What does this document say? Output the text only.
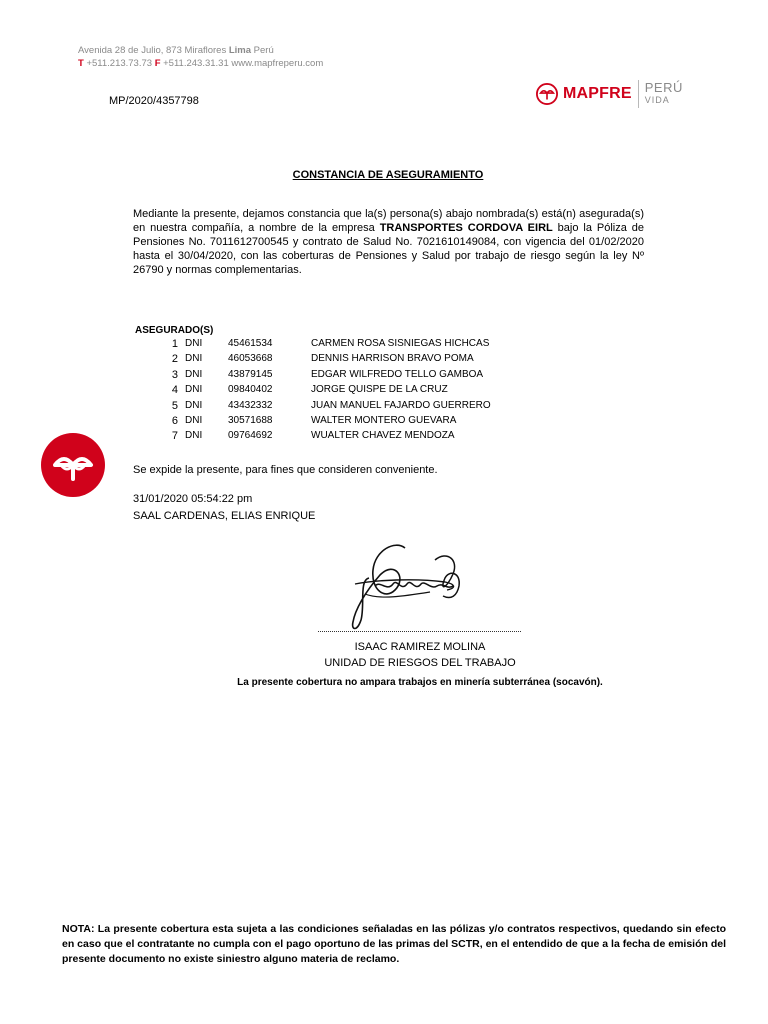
Avenida 28 de Julio, 873 Miraflores Lima Perú
T +511.213.73.73 F +511.243.31.31 www.mapfreperu.com
MP/2020/4357798	MAPFRE PERÚ
VIDA
CONSTANCIA DE ASEGURAMIENTO
Mediante la presente, dejamos constancia que la(s) persona(s) abajo nombrada(s) está(n) asegurada(s) en nuestra compañía, a nombre de la empresa TRANSPORTES CORDOVA EIRL bajo la Póliza de Pensiones No. 7011612700545 y contrato de Salud No. 7021610149084, con vigencia del 01/02/2020 hasta el 30/04/2020, con las coberturas de Pensiones y Salud por trabajo de riesgo según la ley Nº 26790 y normas complementarias.
ASEGURADO(S)
1 DNI	45461534	CARMEN ROSA SISNIEGAS HICHCAS
2 DNI	46053668	DENNIS HARRISON BRAVO POMA
3 DNI	43879145	EDGAR WILFREDO TELLO GAMBOA
4 DNI	09840402	JORGE QUISPE DE LA CRUZ
5 DNI	43432332	JUAN MANUEL FAJARDO GUERRERO
6 DNI	30571688	WALTER MONTERO GUEVARA
7 DNI	09764692	WUALTER CHAVEZ MENDOZA
Se expide la presente, para fines que consideren conveniente.
31/01/2020 05:54:22 pm
SAAL CARDENAS, ELIAS ENRIQUE
ISAAC RAMIREZ MOLINA
UNIDAD DE RIESGOS DEL TRABAJO
La presente cobertura no ampara trabajos en minería subterránea (socavón).
NOTA: La presente cobertura esta sujeta a las condiciones señaladas en las pólizas y/o contratos respectivos, quedando sin efecto en caso que el contratante no cumpla con el pago oportuno de las primas del SCTR, en el entendido de que a la fecha de emisión del presente documento no existe siniestro alguno materia de reclamo.
